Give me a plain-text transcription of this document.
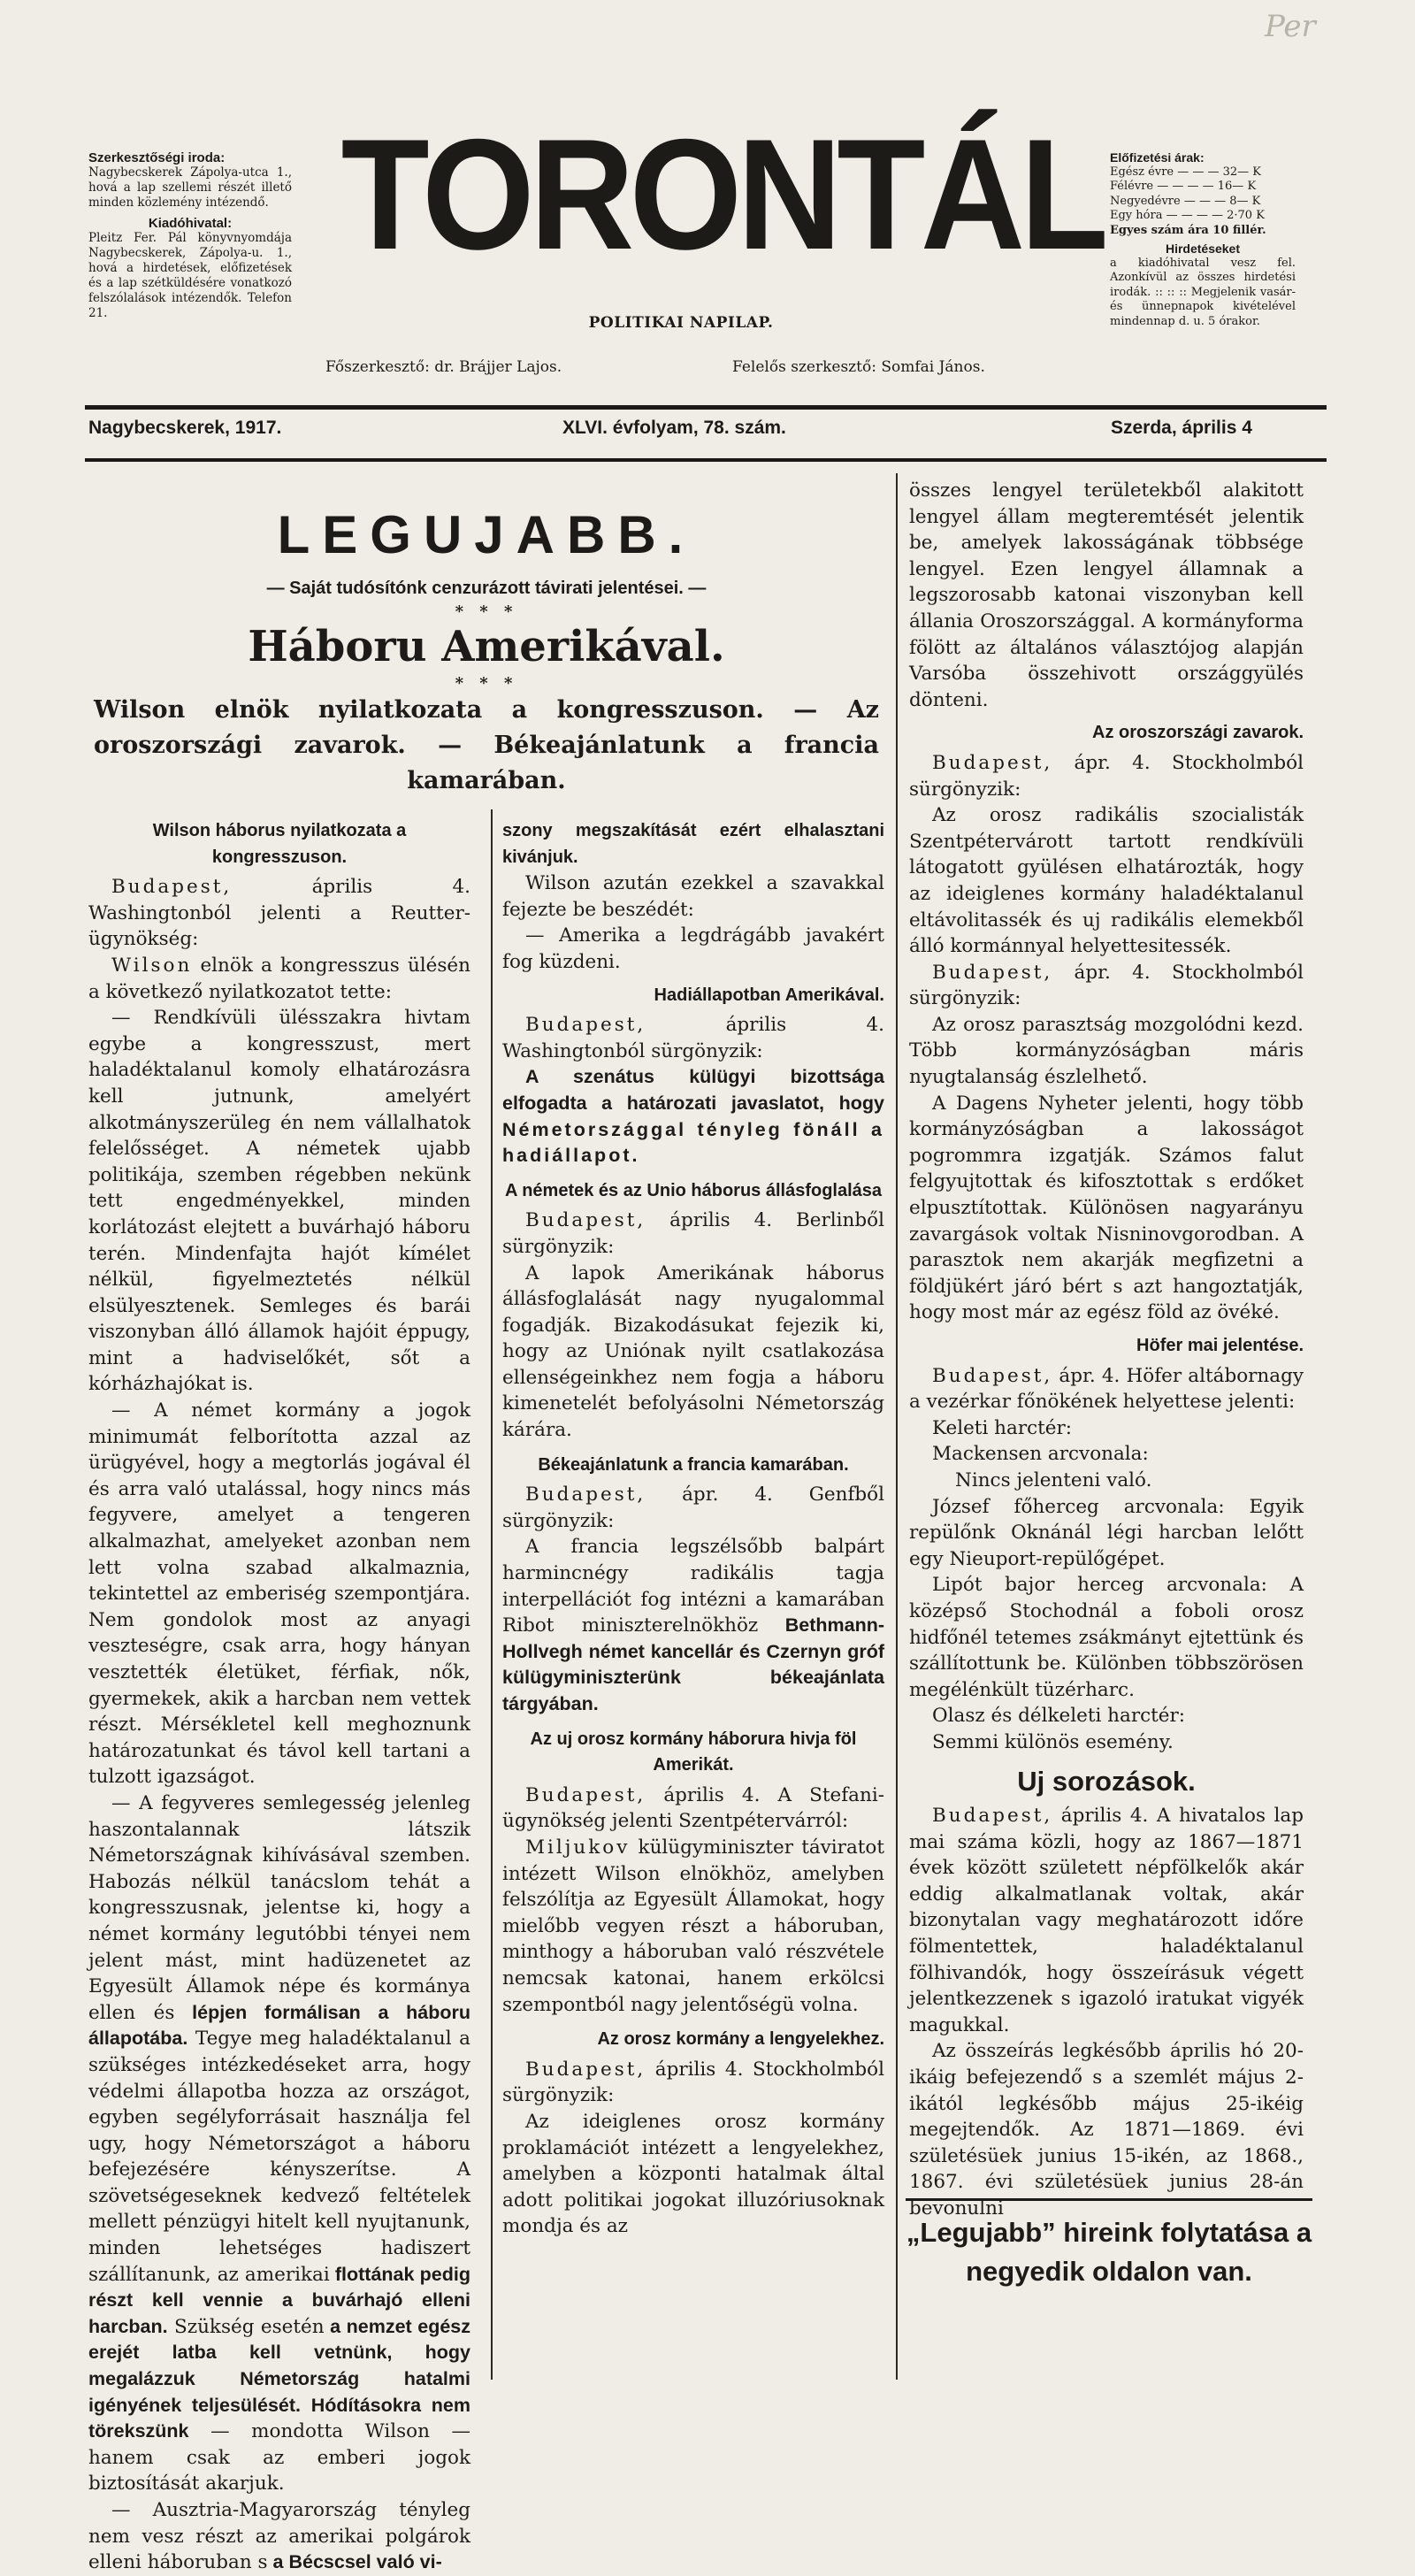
Per
Szerkesztőségi iroda:
Nagybecskerek Zápolya-utca 1., hová a lap szellemi részét illető minden közlemény intézendő.
Kiadóhivatal:
Pleitz Fer. Pál könyvnyomdája Nagybecskerek, Zápolya-u. 1., hová a hirdetések, előfizetések és a lap szétküldésére vonatkozó felszólalások intézendők. Telefon 21.
TORONTÁL
POLITIKAI NAPILAP.
Főszerkesztő: dr. Brájjer Lajos.	Felelős szerkesztő: Somfai János.
Előfizetési árak:
Egész évre — — — 32— K
Félévre — — — — 16— K
Negyedévre — — — 8— K
Egy hóra — — — — 2·70 K
Egyes szám ára 10 fillér.
Hirdetéseket
a kiadóhivatal vesz fel. Azonkívül az összes hirdetési irodák. :: :: :: Megjelenik vasár- és ünnepnapok kivételével mindennap d. u. 5 órakor.
Nagybecskerek, 1917.	XLVI. évfolyam, 78. szám.	Szerda, április 4
LEGUJABB.
— Saját tudósítónk cenzurázott távirati jelentései. —
* * *
Háboru Amerikával.
* * *
Wilson elnök nyilatkozata a kongresszuson. — Az oroszországi zavarok. — Békeajánlatunk a francia kamarában.

Wilson háborus nyilatkozata a kongresszuson.

Budapest, április 4. Washingtonból jelenti a Reutter-ügynökség:

Wilson elnök a kongresszus ülésén a következő nyilatkozatot tette:

— Rendkívüli ülésszakra hivtam egybe a kongresszust, mert haladéktalanul komoly elhatározásra kell jutnunk, amelyért alkotmányszerüleg én nem vállalhatok felelősséget. A németek ujabb politikája, szemben régebben nekünk tett engedményekkel, minden korlátozást elejtett a buvárhajó háboru terén. Mindenfajta hajót kímélet nélkül, figyelmeztetés nélkül elsülyesztenek. Semleges és barái viszonyban álló államok hajóit éppugy, mint a hadviselőkét, sőt a kórházhajókat is.

— A német kormány a jogok minimumát felborította azzal az ürügyével, hogy a megtorlás jogával él és arra való utalással, hogy nincs más fegyvere, amelyet a tengeren alkalmazhat, amelyeket azonban nem lett volna szabad alkalmaznia, tekintettel az emberiség szempontjára. Nem gondolok most az anyagi veszteségre, csak arra, hogy hányan vesztették életüket, férfiak, nők, gyermekek, akik a harcban nem vettek részt. Mérsékletel kell meghoznunk határozatunkat és távol kell tartani a tulzott igazságot.

— A fegyveres semlegesség jelenleg haszontalannak látszik Németországnak kihívásával szemben. Habozás nélkül tanácslom tehát a kongresszusnak, jelentse ki, hogy a német kormány legutóbbi tényei nem jelent mást, mint hadüzenetet az Egyesült Államok népe és kormánya ellen és lépjen formálisan a háboru állapotába. Tegye meg haladéktalanul a szükséges intézkedéseket arra, hogy védelmi állapotba hozza az országot, egyben segélyforrásait használja fel ugy, hogy Németországot a háboru befejezésére kényszerítse. A szövetségeseknek kedvező feltételek mellett pénzügyi hitelt kell nyujtanunk, minden lehetséges hadiszert szállítanunk, az amerikai flottának pedig részt kell vennie a buvárhajó elleni harcban. Szükség esetén a nemzet egész erejét latba kell vetnünk, hogy megalázzuk Németország hatalmi igényének teljesülését. Hódításokra nem törekszünk — mondotta Wilson — hanem csak az emberi jogok biztosítását akarjuk.

— Ausztria-Magyarország tényleg nem vesz részt az amerikai polgárok elleni háboruban s a Bécscsel való vi-

szony megszakítását ezért elhalasztani kivánjuk.

Wilson azután ezekkel a szavakkal fejezte be beszédét:

— Amerika a legdrágább javakért fog küzdeni.

Hadiállapotban Amerikával.

Budapest, április 4. Washingtonból sürgönyzik:

A szenátus külügyi bizottsága elfogadta a határozati javaslatot, hogy Németországgal tényleg fönáll a hadiállapot.

A németek és az Unio háborus állásfoglalása

Budapest, április 4. Berlinből sürgönyzik:

A lapok Amerikának háborus állásfoglalását nagy nyugalommal fogadják. Bizakodásukat fejezik ki, hogy az Uniónak nyilt csatlakozása ellenségeinkhez nem fogja a háboru kimenetelét befolyásolni Németország kárára.

Békeajánlatunk a francia kamarában.

Budapest, ápr. 4. Genfből sürgönyzik:

A francia legszélsőbb balpárt harmincnégy radikális tagja interpellációt fog intézni a kamarában Ribot miniszterelnökhöz Bethmann-Hollvegh német kancellár és Czernyn gróf külügyminiszterünk békeajánlata tárgyában.

Az uj orosz kormány háborura hivja föl Amerikát.

Budapest, április 4. A Stefani-ügynökség jelenti Szentpétervárról:

Miljukov külügyminiszter táviratot intézett Wilson elnökhöz, amelyben felszólítja az Egyesült Államokat, hogy mielőbb vegyen részt a háboruban, minthogy a háboruban való részvétele nemcsak katonai, hanem erkölcsi szempontból nagy jelentőségü volna.

Az orosz kormány a lengyelekhez.

Budapest, április 4. Stockholmból sürgönyzik:

Az ideiglenes orosz kormány proklamációt intézett a lengyelekhez, amelyben a központi hatalmak által adott politikai jogokat illuzóriusoknak mondja és az

összes lengyel területekből alakitott lengyel állam megteremtését jelentik be, amelyek lakosságának többsége lengyel. Ezen lengyel államnak a legszorosabb katonai viszonyban kell állania Oroszországgal. A kormányforma fölött az általános választójog alapján Varsóba összehivott országgyülés dönteni.

Az oroszországi zavarok.

Budapest, ápr. 4. Stockholmból sürgönyzik:

Az orosz radikális szocialisták Szentpétervárott tartott rendkívüli látogatott gyülésen elhatározták, hogy az ideiglenes kormány haladéktalanul eltávolitassék és uj radikális elemekből álló kormánnyal helyettesitessék.

Budapest, ápr. 4. Stockholmból sürgönyzik:

Az orosz parasztság mozgolódni kezd. Több kormányzóságban máris nyugtalanság észlelhető.

A Dagens Nyheter jelenti, hogy több kormányzóságban a lakosságot pogrommra izgatják. Számos falut felgyujtottak és kifosztottak s erdőket elpusztítottak. Különösen nagyarányu zavargások voltak Nisninovgorodban. A parasztok nem akarják megfizetni a földjükért járó bért s azt hangoztatják, hogy most már az egész föld az övéké.

Höfer mai jelentése.

Budapest, ápr. 4. Höfer altábornagy a vezérkar főnökének helyettese jelenti:

Keleti harctér:

Mackensen arcvonala:

Nincs jelenteni való.

József főherceg arcvonala: Egyik repülőnk Oknánál légi harcban lelőtt egy Nieuport-repülőgépet.

Lipót bajor herceg arcvonala: A középső Stochodnál a foboli orosz hidfőnél tetemes zsákmányt ejtettünk és szállítottunk be. Különben többszörösen megélénkült tüzérharc.

Olasz és délkeleti harctér:

Semmi különös esemény.

Uj sorozások.

Budapest, április 4. A hivatalos lap mai száma közli, hogy az 1867—1871 évek között született népfölkelők akár eddig alkalmatlanak voltak, akár bizonytalan vagy meghatározott időre fölmentettek, haladéktalanul fölhivandók, hogy összeírásuk végett jelentkezzenek s igazoló iratukat vigyék magukkal.

Az összeírás legkésőbb április hó 20-ikáig befejezendő s a szemlét május 2-ikától legkésőbb május 25-ikéig megejtendők. Az 1871—1869. évi születésüek junius 15-ikén, az 1868., 1867. évi születésüek junius 28-án bevonulni

„Legujabb” hireink folytatása a negyedik oldalon van.
